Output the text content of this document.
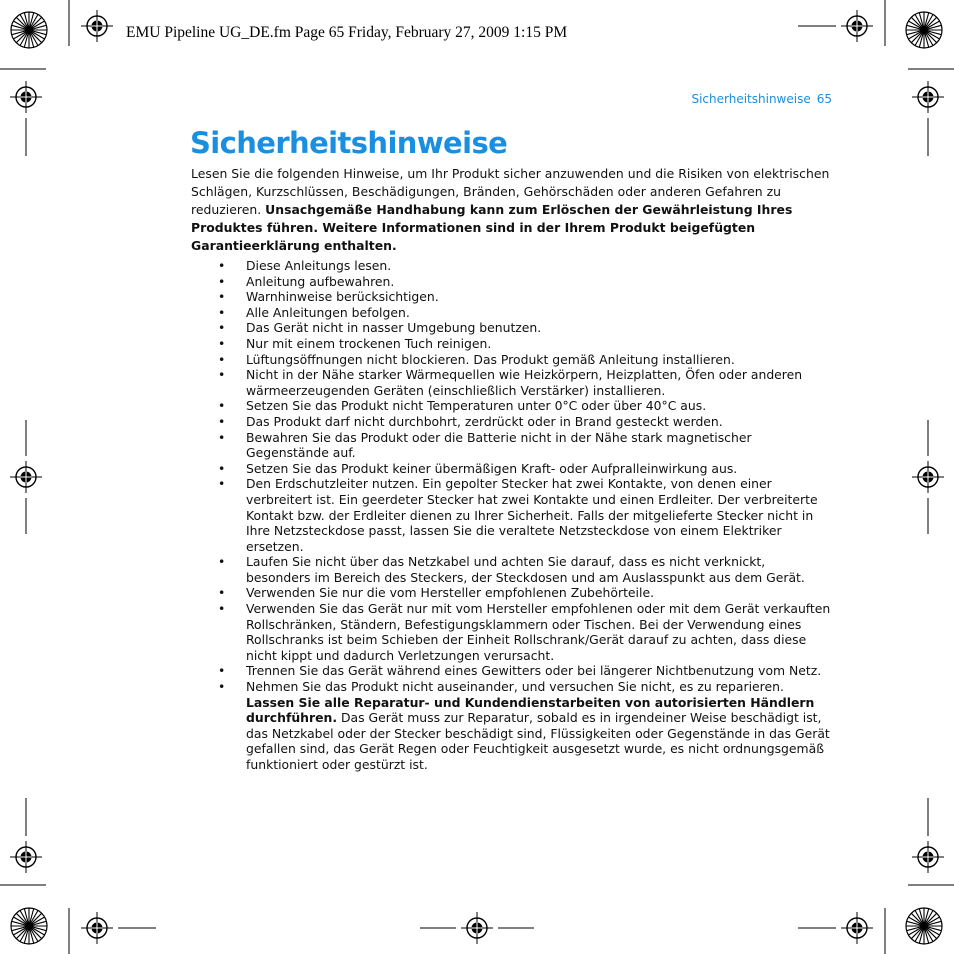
EMU Pipeline UG_DE.fm Page 65 Friday, February 27, 2009 1:15 PM
Sicherheitshinweise 65
Sicherheitshinweise

Lesen Sie die folgenden Hinweise, um Ihr Produkt sicher anzuwenden und die Risiken von elektrischen Schlägen, Kurzschlüssen, Beschädigungen, Bränden, Gehörschäden oder anderen Gefahren zu reduzieren. Unsachgemäße Handhabung kann zum Erlöschen der Gewährleistung Ihres Produktes führen. Weitere Informationen sind in der Ihrem Produkt beigefügten Garantieerklärung enthalten.

• Diese Anleitungs lesen.
• Anleitung aufbewahren.
• Warnhinweise berücksichtigen.
• Alle Anleitungen befolgen.
• Das Gerät nicht in nasser Umgebung benutzen.
• Nur mit einem trockenen Tuch reinigen.
• Lüftungsöffnungen nicht blockieren. Das Produkt gemäß Anleitung installieren.
• Nicht in der Nähe starker Wärmequellen wie Heizkörpern, Heizplatten, Öfen oder anderen wärmeerzeugenden Geräten (einschließlich Verstärker) installieren.
• Setzen Sie das Produkt nicht Temperaturen unter 0°C oder über 40°C aus.
• Das Produkt darf nicht durchbohrt, zerdrückt oder in Brand gesteckt werden.
• Bewahren Sie das Produkt oder die Batterie nicht in der Nähe stark magnetischer Gegenstände auf.
• Setzen Sie das Produkt keiner übermäßigen Kraft- oder Aufpralleinwirkung aus.
• Den Erdschutzleiter nutzen. Ein gepolter Stecker hat zwei Kontakte, von denen einer verbreitert ist. Ein geerdeter Stecker hat zwei Kontakte und einen Erdleiter. Der verbreiterte Kontakt bzw. der Erdleiter dienen zu Ihrer Sicherheit. Falls der mitgelieferte Stecker nicht in Ihre Netzsteckdose passt, lassen Sie die veraltete Netzsteckdose von einem Elektriker ersetzen.
• Laufen Sie nicht über das Netzkabel und achten Sie darauf, dass es nicht verknickt, besonders im Bereich des Steckers, der Steckdosen und am Auslasspunkt aus dem Gerät.
• Verwenden Sie nur die vom Hersteller empfohlenen Zubehörteile.
• Verwenden Sie das Gerät nur mit vom Hersteller empfohlenen oder mit dem Gerät verkauften Rollschränken, Ständern, Befestigungsklammern oder Tischen. Bei der Verwendung eines Rollschranks ist beim Schieben der Einheit Rollschrank/Gerät darauf zu achten, dass diese nicht kippt und dadurch Verletzungen verursacht.
• Trennen Sie das Gerät während eines Gewitters oder bei längerer Nichtbenutzung vom Netz.
• Nehmen Sie das Produkt nicht auseinander, und versuchen Sie nicht, es zu reparieren. Lassen Sie alle Reparatur- und Kundendienstarbeiten von autorisierten Händlern durchführen. Das Gerät muss zur Reparatur, sobald es in irgendeiner Weise beschädigt ist, das Netzkabel oder der Stecker beschädigt sind, Flüssigkeiten oder Gegenstände in das Gerät gefallen sind, das Gerät Regen oder Feuchtigkeit ausgesetzt wurde, es nicht ordnungsgemäß funktioniert oder gestürzt ist.
